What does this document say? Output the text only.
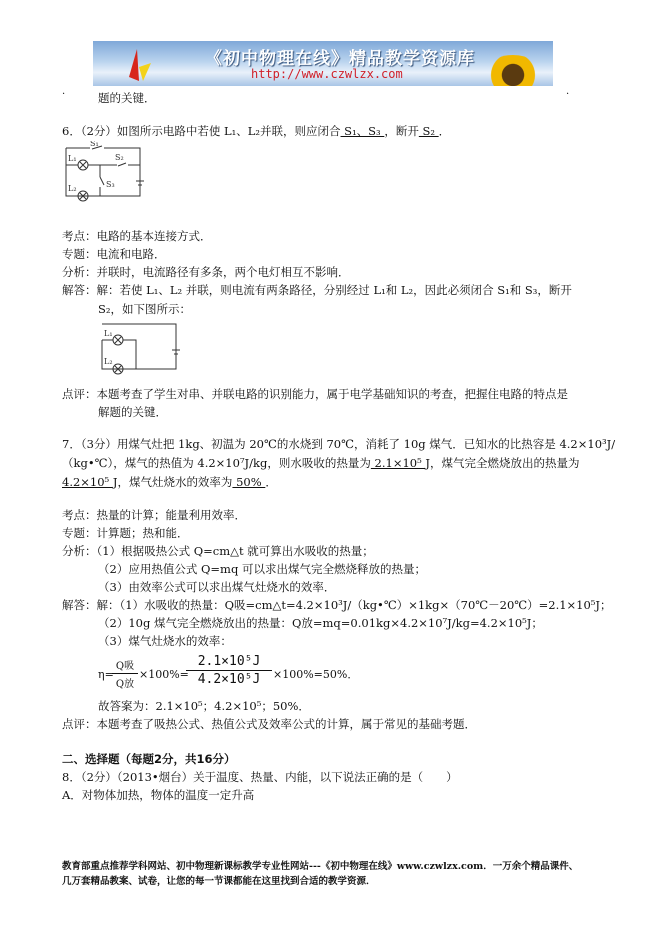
《初中物理在线》精品教学资源库
http://www.czwlzx.com
.	.
题的关键．
6．（2分）如图所示电路中若使 L₁、L₂并联，则应闭合 S₁、S₃ ，断开 S₂ ．
S₁
S₂
S₃
L₁
L₂
考点：电路的基本连接方式．
专题：电流和电路．
分析：并联时，电流路径有多条，两个电灯相互不影响．
解答：解：若使 L₁、L₂ 并联，则电流有两条路径，分别经过 L₁和 L₂，因此必须闭合 S₁和 S₃，断开
S₂，如下图所示：
L₁
L₂
点评：本题考查了学生对串、并联电路的识别能力，属于电学基础知识的考查，把握住电路的特点是
解题的关键．
7．（3分）用煤气灶把 1kg、初温为 20℃的水烧到 70℃，消耗了 10g 煤气．已知水的比热容是 4.2×10³J/
（kg•℃），煤气的热值为 4.2×10⁷J/kg，则水吸收的热量为 2.1×10⁵ J，煤气完全燃烧放出的热量为
4.2×10⁵ J，煤气灶烧水的效率为 50% ．
考点：热量的计算；能量利用效率．
专题：计算题；热和能．
分析：（1）根据吸热公式 Q=cm△t 就可算出水吸收的热量；
（2）应用热值公式 Q=mq 可以求出煤气完全燃烧释放的热量；
（3）由效率公式可以求出煤气灶烧水的效率．
解答：解：（1）水吸收的热量：Q吸=cm△t=4.2×10³J/（kg•℃）×1kg×（70℃－20℃）=2.1×10⁵J；
（2）10g 煤气完全燃烧放出的热量：Q放=mq=0.01kg×4.2×10⁷J/kg=4.2×10⁵J；
（3）煤气灶烧水的效率：
η=
Q吸
Q放
×100%=
2.1×10⁵J
4.2×10⁵J	×100%=50%．
故答案为：2.1×10⁵；4.2×10⁵；50%．
点评：本题考查了吸热公式、热值公式及效率公式的计算，属于常见的基础考题．
二、选择题（每题2分，共16分）
8．（2分）（2013•烟台）关于温度、热量、内能，以下说法正确的是（　　）
A．对物体加热，物体的温度一定升高
教育部重点推荐学科网站、初中物理新课标教学专业性网站---《初中物理在线》www.czwlzx.com．一万余个精品课件、
几万套精品教案、试卷，让您的每一节课都能在这里找到合适的教学资源．
